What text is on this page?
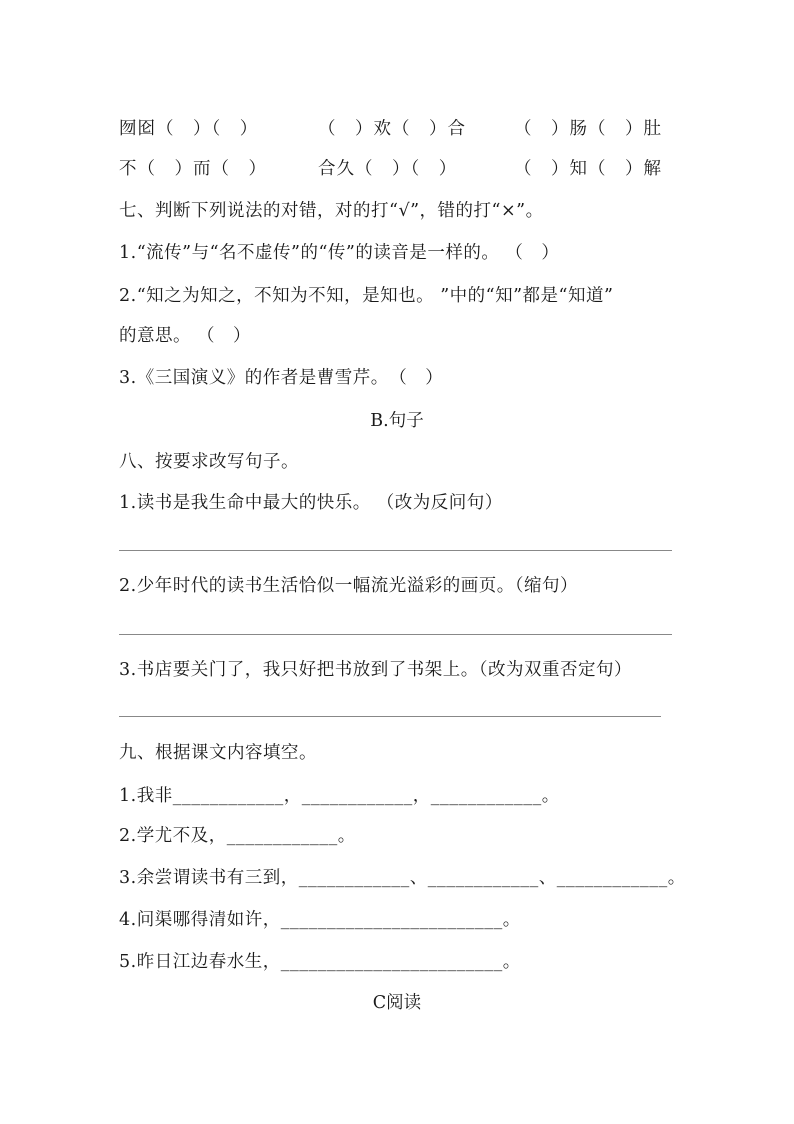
囫囵（　）（　）	（　）欢（　）合	（　）肠（　）肚
不（　）而（　）	合久（　）（　）	（　）知（　）解
七、判断下列说法的对错，对的打“√”，错的打“×”。
1.“流传”与“名不虚传”的“传”的读音是一样的。 （　）
2.“知之为知之，不知为不知，是知也。 ”中的“知”都是“知道”
的意思。 （　）
3.《三国演义》的作者是曹雪芹。　（　）
B.句子
八、按要求改写句子。
1.读书是我生命中最大的快乐。 （改为反问句）
2.少年时代的读书生活恰似一幅流光溢彩的画页。（缩句）
3.书店要关门了，我只好把书放到了书架上。（改为双重否定句）
九、根据课文内容填空。
1.我非____________，____________，____________。
2.学尤不及，____________。
3.余尝谓读书有三到，____________、____________、____________。
4.问渠哪得清如许，________________________。
5.昨日江边春水生，________________________。
C阅读
